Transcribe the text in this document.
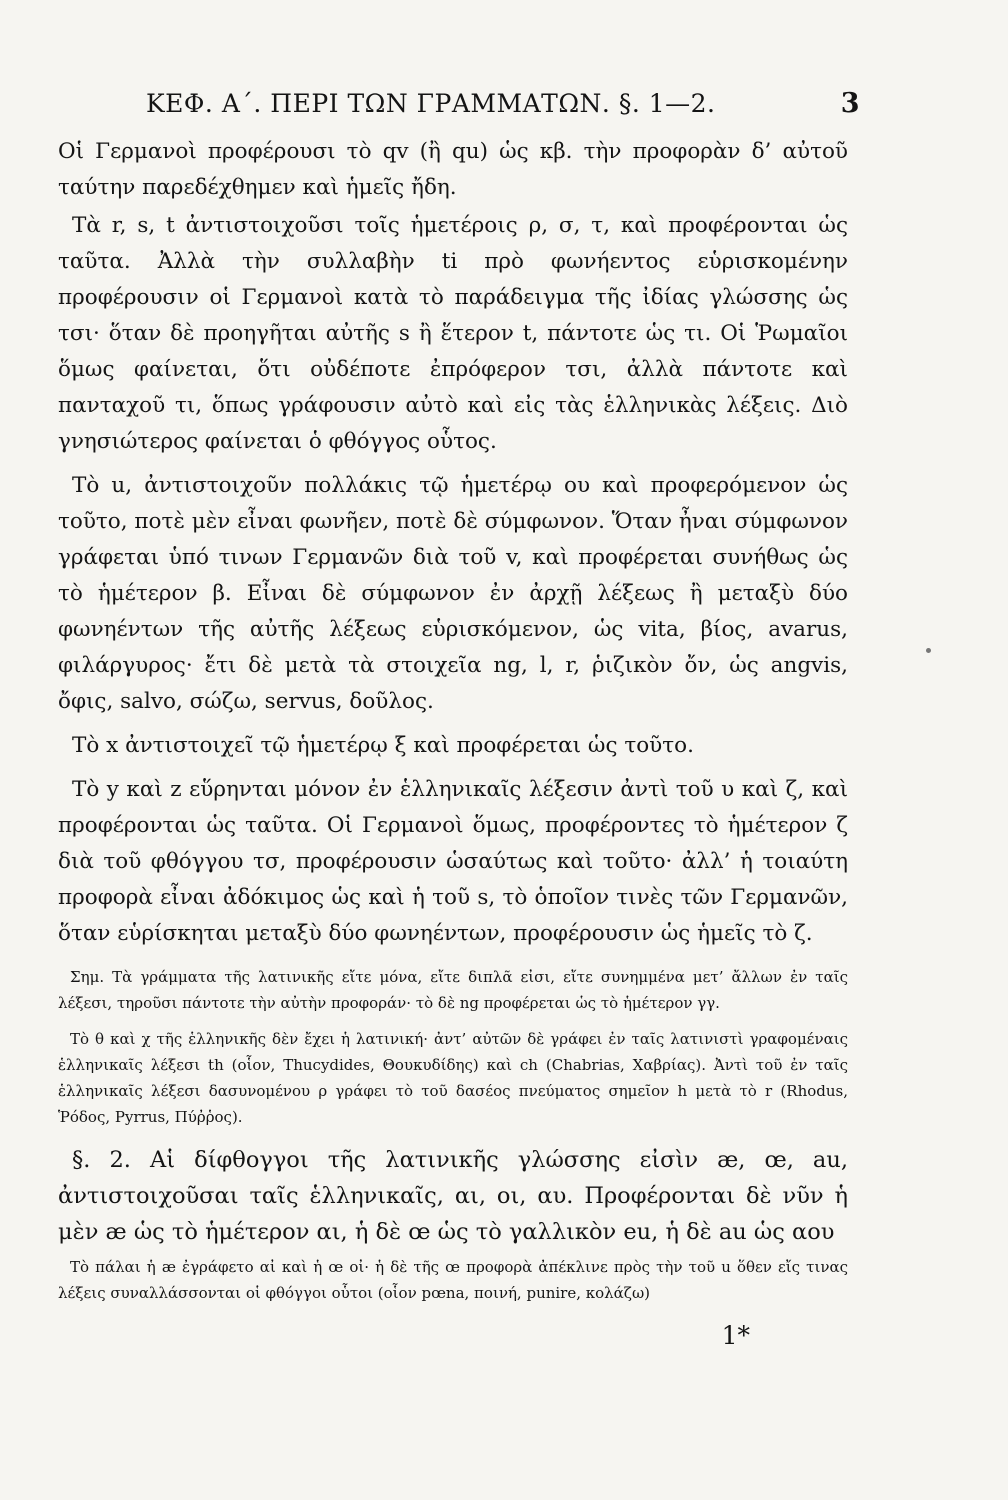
ΚΕΦ. Α΄. ΠΕΡΙ ΤΩΝ ΓΡΑΜΜΑΤΩΝ. §. 1—2.	3

Οἱ Γερμανοὶ προφέρουσι τὸ qv (ἢ qu) ὡς κβ. τὴν προφορὰν δ’ αὐτοῦ ταύτην παρεδέχθημεν καὶ ἡμεῖς ἤδη.

Τὰ r, s, t ἀντιστοιχοῦσι τοῖς ἡμετέροις ρ, σ, τ, καὶ προφέρονται ὡς ταῦτα. Ἀλλὰ τὴν συλλαβὴν ti πρὸ φωνήεντος εὑρισκομένην προφέρουσιν οἱ Γερμανοὶ κατὰ τὸ παράδειγμα τῆς ἰδίας γλώσσης ὡς τσι· ὅταν δὲ προηγῆται αὐτῆς s ἢ ἕτερον t, πάντοτε ὡς τι. Οἱ Ῥωμαῖοι ὅμως φαίνεται, ὅτι οὐδέποτε ἐπρόφερον τσι, ἀλλὰ πάντοτε καὶ πανταχοῦ τι, ὅπως γράφουσιν αὐτὸ καὶ εἰς τὰς ἑλληνικὰς λέξεις. Διὸ γνησιώτερος φαίνεται ὁ φθόγγος οὗτος.

Τὸ u, ἀντιστοιχοῦν πολλάκις τῷ ἡμετέρῳ ου καὶ προφερόμενον ὡς τοῦτο, ποτὲ μὲν εἶναι φωνῆεν, ποτὲ δὲ σύμφωνον. Ὅταν ἦναι σύμφωνον γράφεται ὑπό τινων Γερμανῶν διὰ τοῦ v, καὶ προφέρεται συνήθως ὡς τὸ ἡμέτερον β. Εἶναι δὲ σύμφωνον ἐν ἀρχῇ λέξεως ἢ μεταξὺ δύο φωνηέντων τῆς αὐτῆς λέξεως εὑρισκόμενον, ὡς vita, βίος, avarus, φιλάργυρος· ἔτι δὲ μετὰ τὰ στοιχεῖα ng, l, r, ῥιζικὸν ὄν, ὡς angvis, ὄφις, salvo, σώζω, servus, δοῦλος.

Τὸ x ἀντιστοιχεῖ τῷ ἡμετέρῳ ξ καὶ προφέρεται ὡς τοῦτο.

Τὸ y καὶ z εὕρηνται μόνον ἐν ἑλληνικαῖς λέξεσιν ἀντὶ τοῦ υ καὶ ζ, καὶ προφέρονται ὡς ταῦτα. Οἱ Γερμανοὶ ὅμως, προφέροντες τὸ ἡμέτερον ζ διὰ τοῦ φθόγγου τσ, προφέρουσιν ὡσαύτως καὶ τοῦτο· ἀλλ’ ἡ τοιαύτη προφορὰ εἶναι ἀδόκιμος ὡς καὶ ἡ τοῦ s, τὸ ὁποῖον τινὲς τῶν Γερμανῶν, ὅταν εὑρίσκηται μεταξὺ δύο φωνηέντων, προφέρουσιν ὡς ἡμεῖς τὸ ζ.

Σημ. Τὰ γράμματα τῆς λατινικῆς εἴτε μόνα, εἴτε διπλᾶ εἰσι, εἴτε συνημμένα μετ’ ἄλλων ἐν ταῖς λέξεσι, τηροῦσι πάντοτε τὴν αὐτὴν προφοράν· τὸ δὲ ng προφέρεται ὡς τὸ ἡμέτερον γγ.

Τὸ θ καὶ χ τῆς ἑλληνικῆς δὲν ἔχει ἡ λατινική· ἀντ’ αὐτῶν δὲ γράφει ἐν ταῖς λατινιστὶ γραφομέναις ἑλληνικαῖς λέξεσι th (οἷον, Thucydides, Θουκυδίδης) καὶ ch (Chabrias, Χαβρίας). Ἀντὶ τοῦ ἐν ταῖς ἑλληνικαῖς λέξεσι δασυνομένου ρ γράφει τὸ τοῦ δασέος πνεύματος σημεῖον h μετὰ τὸ r (Rhodus, Ῥόδος, Pyrrus, Πύῤῥος).

§. 2. Αἱ δίφθογγοι τῆς λατινικῆς γλώσσης εἰσὶν æ, œ, au, ἀντιστοιχοῦσαι ταῖς ἑλληνικαῖς, αι, οι, αυ. Προφέρονται δὲ νῦν ἡ μὲν æ ὡς τὸ ἡμέτερον αι, ἡ δὲ œ ὡς τὸ γαλλικὸν eu, ἡ δὲ au ὡς αου

Τὸ πάλαι ἡ æ ἐγράφετο αἰ καὶ ἡ œ οἰ· ἡ δὲ τῆς œ προφορὰ ἀπέκλινε πρὸς τὴν τοῦ u ὅθεν εἴς τινας λέξεις συναλλάσσονται οἱ φθόγγοι οὗτοι (οἷον pœna, ποινή, punire, κολάζω)

1*
